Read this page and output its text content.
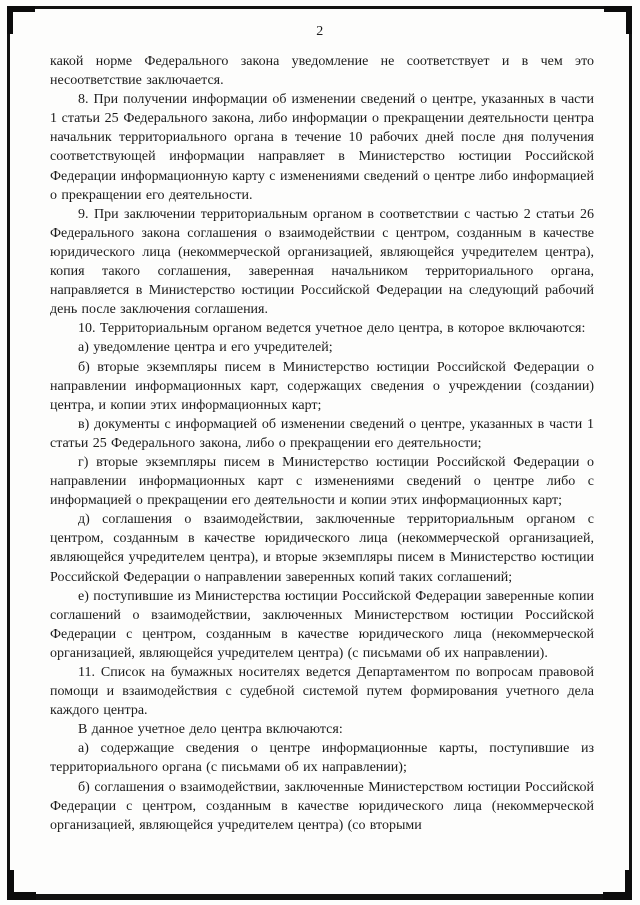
2

какой норме Федерального закона уведомление не соответствует и в чем это несоответствие заключается.

8. При получении информации об изменении сведений о центре, указанных в части 1 статьи 25 Федерального закона, либо информации о прекращении деятельности центра начальник территориального органа в течение 10 рабочих дней после дня получения соответствующей информации направляет в Министерство юстиции Российской Федерации информационную карту с изменениями сведений о центре либо информацией о прекращении его деятельности.

9. При заключении территориальным органом в соответствии с частью 2 статьи 26 Федерального закона соглашения о взаимодействии с центром, созданным в качестве юридического лица (некоммерческой организацией, являющейся учредителем центра), копия такого соглашения, заверенная начальником территориального органа, направляется в Министерство юстиции Российской Федерации на следующий рабочий день после заключения соглашения.

10. Территориальным органом ведется учетное дело центра, в которое включаются:

а) уведомление центра и его учредителей;

б) вторые экземпляры писем в Министерство юстиции Российской Федерации о направлении информационных карт, содержащих сведения о учреждении (создании) центра, и копии этих информационных карт;

в) документы с информацией об изменении сведений о центре, указанных в части 1 статьи 25 Федерального закона, либо о прекращении его деятельности;

г) вторые экземпляры писем в Министерство юстиции Российской Федерации о направлении информационных карт с изменениями сведений о центре либо с информацией о прекращении его деятельности и копии этих информационных карт;

д) соглашения о взаимодействии, заключенные территориальным органом с центром, созданным в качестве юридического лица (некоммерческой организацией, являющейся учредителем центра), и вторые экземпляры писем в Министерство юстиции Российской Федерации о направлении заверенных копий таких соглашений;

е) поступившие из Министерства юстиции Российской Федерации заверенные копии соглашений о взаимодействии, заключенных Министерством юстиции Российской Федерации с центром, созданным в качестве юридического лица (некоммерческой организацией, являющейся учредителем центра) (с письмами об их направлении).

11. Список на бумажных носителях ведется Департаментом по вопросам правовой помощи и взаимодействия с судебной системой путем формирования учетного дела каждого центра.

В данное учетное дело центра включаются:

а) содержащие сведения о центре информационные карты, поступившие из территориального органа (с письмами об их направлении);

б) соглашения о взаимодействии, заключенные Министерством юстиции Российской Федерации с центром, созданным в качестве юридического лица (некоммерческой организацией, являющейся учредителем центра) (со вторыми
